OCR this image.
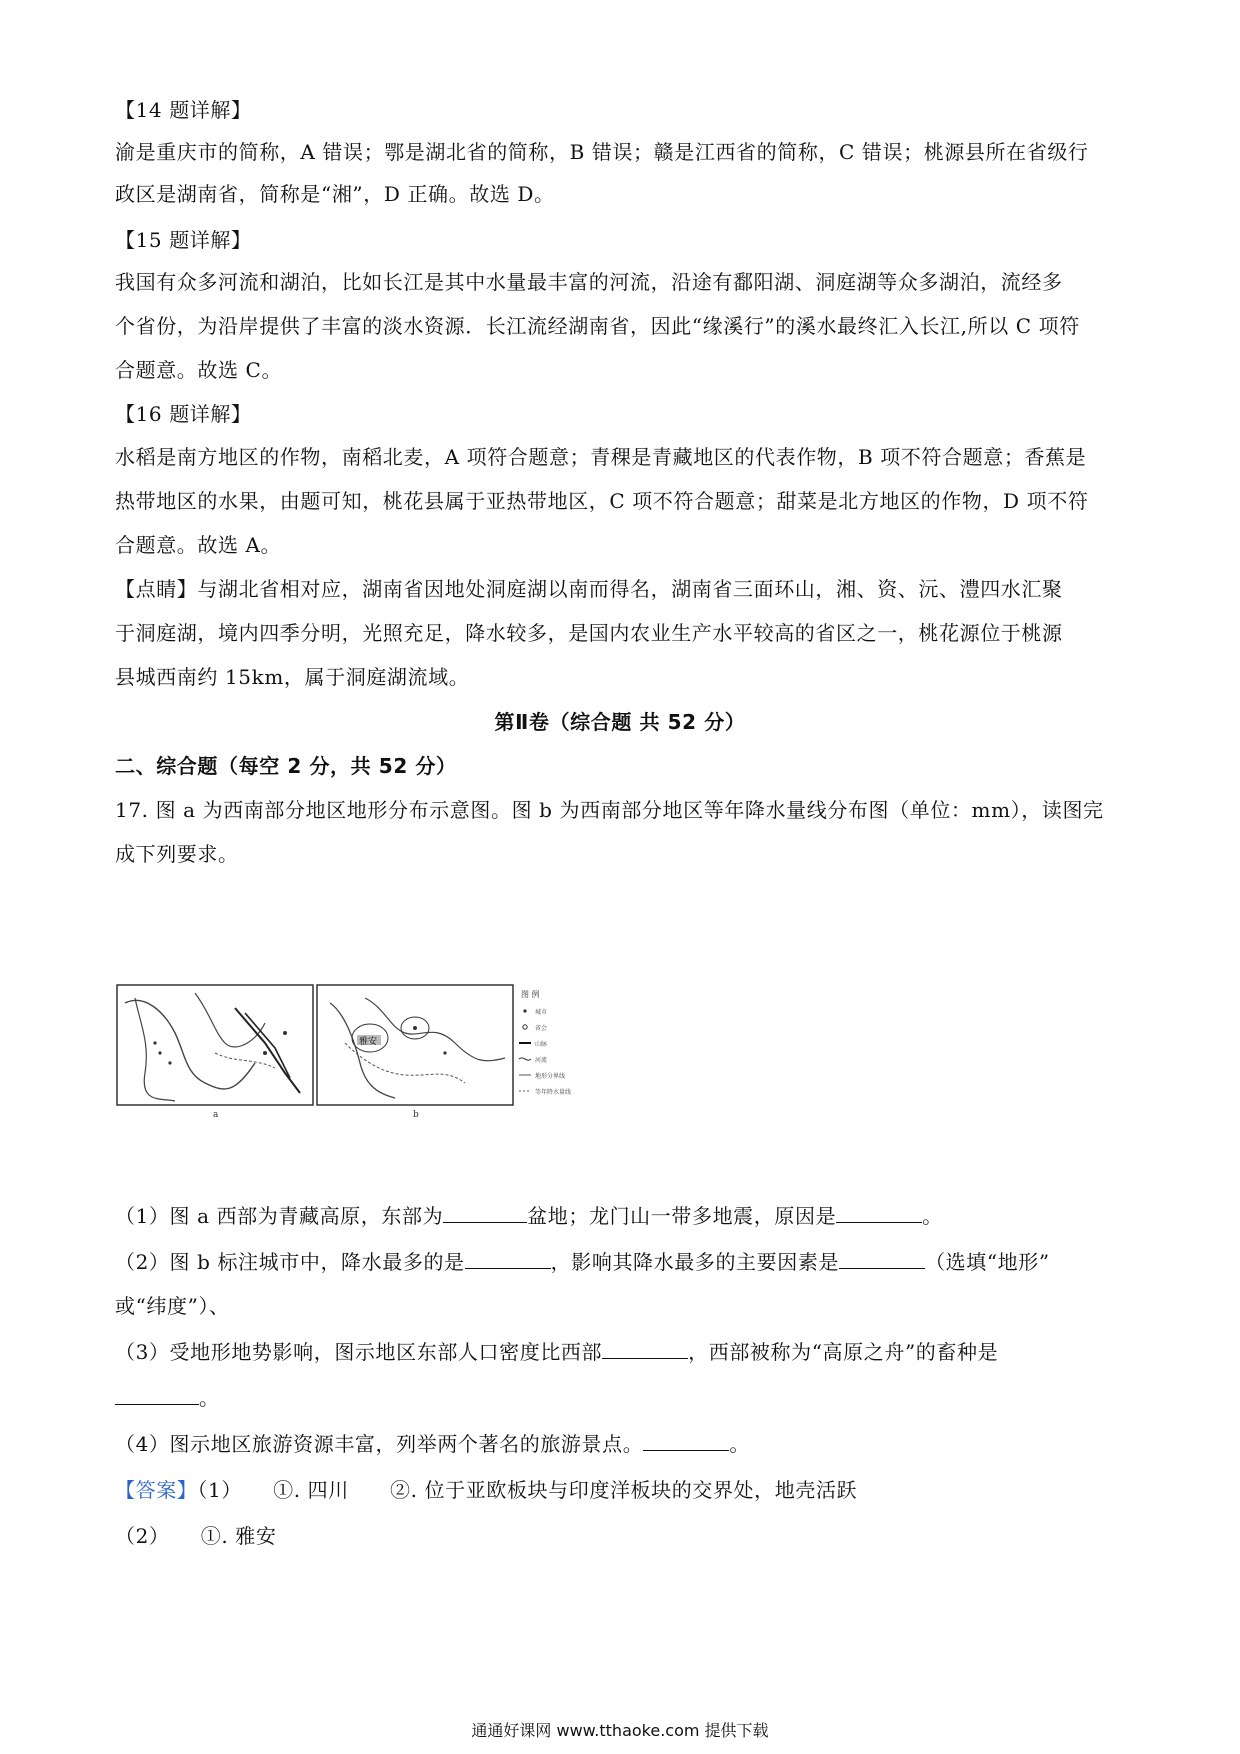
【14 题详解】
渝是重庆市的简称，A 错误；鄂是湖北省的简称，B 错误；赣是江西省的简称，C 错误；桃源县所在省级行
政区是湖南省，简称是“湘”，D 正确。故选 D。
【15 题详解】
我国有众多河流和湖泊，比如长江是其中水量最丰富的河流，沿途有鄱阳湖、洞庭湖等众多湖泊，流经多
个省份，为沿岸提供了丰富的淡水资源．长江流经湖南省，因此“缘溪行”的溪水最终汇入长江,所以 C 项符
合题意。故选 C。
【16 题详解】
水稻是南方地区的作物，南稻北麦，A 项符合题意；青稞是青藏地区的代表作物，B 项不符合题意；香蕉是
热带地区的水果，由题可知，桃花县属于亚热带地区，C 项不符合题意；甜菜是北方地区的作物，D 项不符
合题意。故选 A。
【点睛】与湖北省相对应，湖南省因地处洞庭湖以南而得名，湖南省三面环山，湘、资、沅、澧四水汇聚
于洞庭湖，境内四季分明，光照充足，降水较多，是国内农业生产水平较高的省区之一，桃花源位于桃源
县城西南约 15km，属于洞庭湖流域。
第Ⅱ卷（综合题 共 52 分）
二、综合题（每空 2 分，共 52 分）
17. 图 a 为西南部分地区地形分布示意图。图 b 为西南部分地区等年降水量线分布图（单位：mm），读图完
成下列要求。
a
雅安
b
图 例
城市
省会
山脉
河流
地形分界线
等年降水量线
（1）图 a 西部为青藏高原，东部为	盆地；龙门山一带多地震，原因是	。
（2）图 b 标注城市中，降水最多的是	，影响其降水最多的主要因素是	（选填“地形”
或“纬度”）、
（3）受地形地势影响，图示地区东部人口密度比西部	，西部被称为“高原之舟”的畜种是
。
（4）图示地区旅游资源丰富，列举两个著名的旅游景点。	。
【答案】（1）　　①. 四川　　②. 位于亚欧板块与印度洋板块的交界处，地壳活跃
（2）　　①. 雅安
通通好课网 www.tthaoke.com 提供下载
